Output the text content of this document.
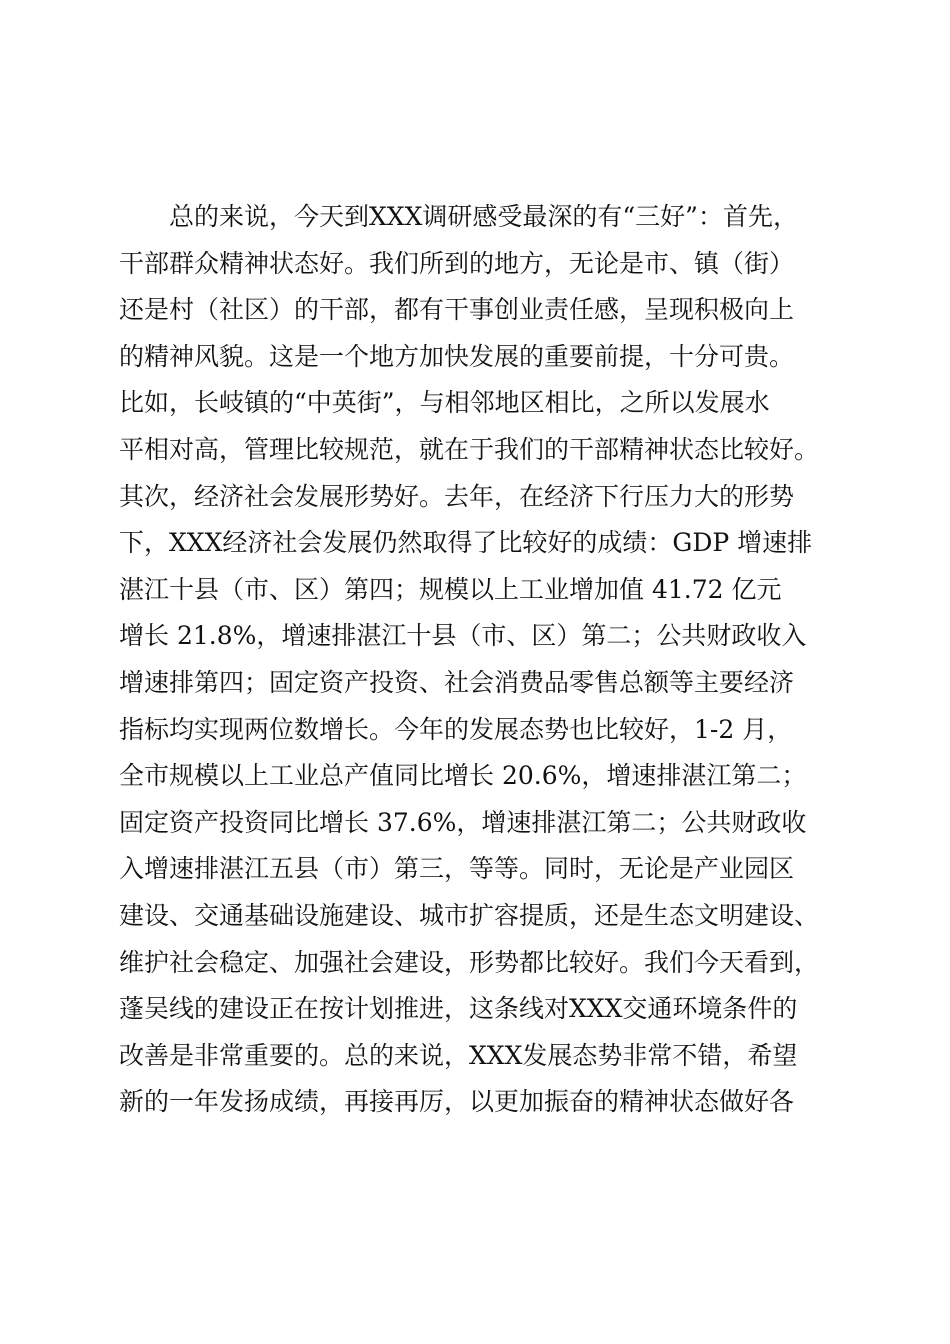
总的来说，今天到XXX调研感受最深的有“三好”：首先，
干部群众精神状态好。我们所到的地方，无论是市、镇（街）
还是村（社区）的干部，都有干事创业责任感，呈现积极向上
的精神风貌。这是一个地方加快发展的重要前提，十分可贵。
比如，长岐镇的“中英街”，与相邻地区相比，之所以发展水
平相对高，管理比较规范，就在于我们的干部精神状态比较好。
其次，经济社会发展形势好。去年，在经济下行压力大的形势
下，XXX经济社会发展仍然取得了比较好的成绩：GDP 增速排
湛江十县（市、区）第四；规模以上工业增加值 41.72 亿元
增长 21.8%，增速排湛江十县（市、区）第二；公共财政收入
增速排第四；固定资产投资、社会消费品零售总额等主要经济
指标均实现两位数增长。今年的发展态势也比较好，1-2 月，
全市规模以上工业总产值同比增长 20.6%，增速排湛江第二；
固定资产投资同比增长 37.6%，增速排湛江第二；公共财政收
入增速排湛江五县（市）第三，等等。同时，无论是产业园区
建设、交通基础设施建设、城市扩容提质，还是生态文明建设、
维护社会稳定、加强社会建设，形势都比较好。我们今天看到，
蓬吴线的建设正在按计划推进，这条线对XXX交通环境条件的
改善是非常重要的。总的来说，XXX发展态势非常不错，希望
新的一年发扬成绩，再接再厉，以更加振奋的精神状态做好各
